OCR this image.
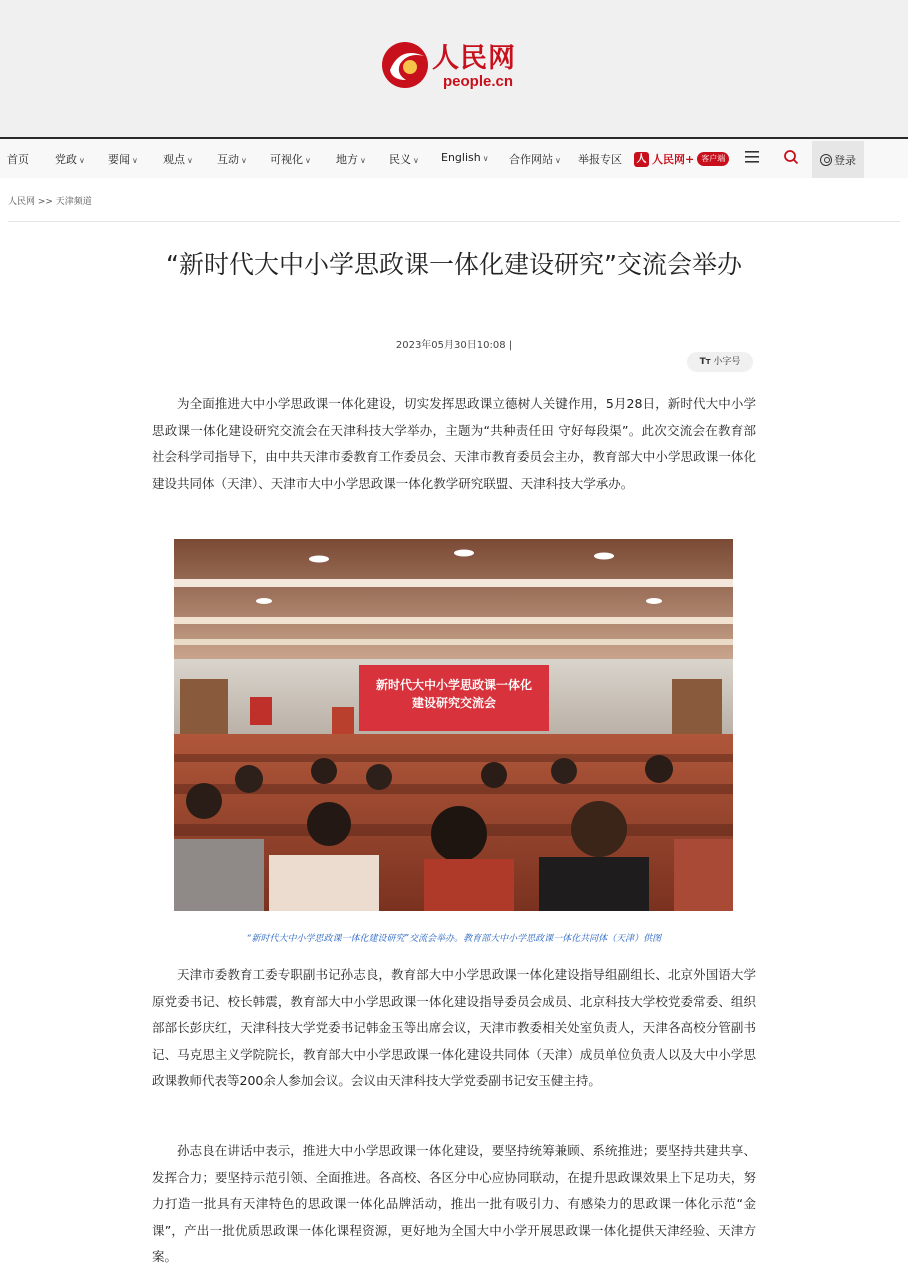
人民网
people.cn
首页 党政 ∨ 要闻 ∨ 观点 ∨ 互动 ∨ 可视化 ∨ 地方 ∨ 民义 ∨ English ∨ 合作网站 ∨ 举报专区 人 人民网+ 客户端	登录
人民网 >> 天津频道
“新时代大中小学思政课一体化建设研究”交流会举办
2023年05月30日10:08 |
TT 小字号

为全面推进大中小学思政课一体化建设，切实发挥思政课立德树人关键作用，5月28日，新时代大中小学思政课一体化建设研究交流会在天津科技大学举办，主题为“共种责任田 守好每段渠”。此次交流会在教育部社会科学司指导下，由中共天津市委教育工作委员会、天津市教育委员会主办，教育部大中小学思政课一体化建设共同体（天津）、天津市大中小学思政课一体化教学研究联盟、天津科技大学承办。

新时代大中小学思政课一体化
建设研究交流会
“新时代大中小学思政课一体化建设研究”交流会举办。教育部大中小学思政课一体化共同体（天津）供图

天津市委教育工委专职副书记孙志良，教育部大中小学思政课一体化建设指导组副组长、北京外国语大学原党委书记、校长韩震，教育部大中小学思政课一体化建设指导委员会成员、北京科技大学校党委常委、组织部部长彭庆红，天津科技大学党委书记韩金玉等出席会议，天津市教委相关处室负责人，天津各高校分管副书记、马克思主义学院院长，教育部大中小学思政课一体化建设共同体（天津）成员单位负责人以及大中小学思政课教师代表等200余人参加会议。会议由天津科技大学党委副书记安玉健主持。

孙志良在讲话中表示，推进大中小学思政课一体化建设，要坚持统筹兼顾、系统推进；要坚持共建共享、发挥合力；要坚持示范引领、全面推进。各高校、各区分中心应协同联动，在提升思政课效果上下足功夫，努力打造一批具有天津特色的思政课一体化品牌活动，推出一批有吸引力、有感染力的思政课一体化示范“金课”，产出一批优质思政课一体化课程资源，更好地为全国大中小学开展思政课一体化提供天津经验、天津方案。
